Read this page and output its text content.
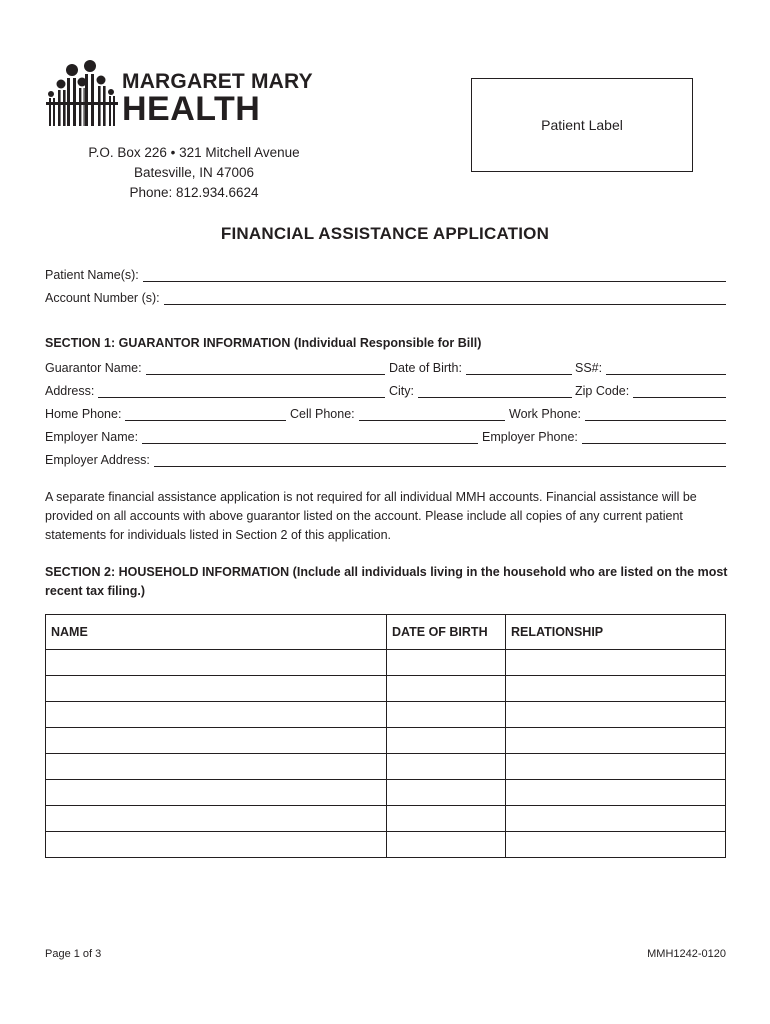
MARGARET MARY
HEALTH
P.O. Box 226 • 321 Mitchell Avenue
Batesville, IN 47006
Phone: 812.934.6624
Patient Label
FINANCIAL ASSISTANCE APPLICATION
Patient Name(s):
Account Number (s):
SECTION 1: GUARANTOR INFORMATION (Individual Responsible for Bill)
Guarantor Name:	Date of Birth:	SS#:
Address:	City:	Zip Code:
Home Phone:	Cell Phone:	Work Phone:
Employer Name:	Employer Phone:
Employer Address:
A separate financial assistance application is not required for all individual MMH accounts. Financial assistance will be provided on all accounts with above guarantor listed on the account. Please include all copies of any current patient statements for individuals listed in Section 2 of this application.
SECTION 2: HOUSEHOLD INFORMATION (Include all individuals living in the household who are listed on the most recent tax filing.)
NAME	DATE OF BIRTH	RELATIONSHIP

Page 1 of 3	MMH1242-0120
